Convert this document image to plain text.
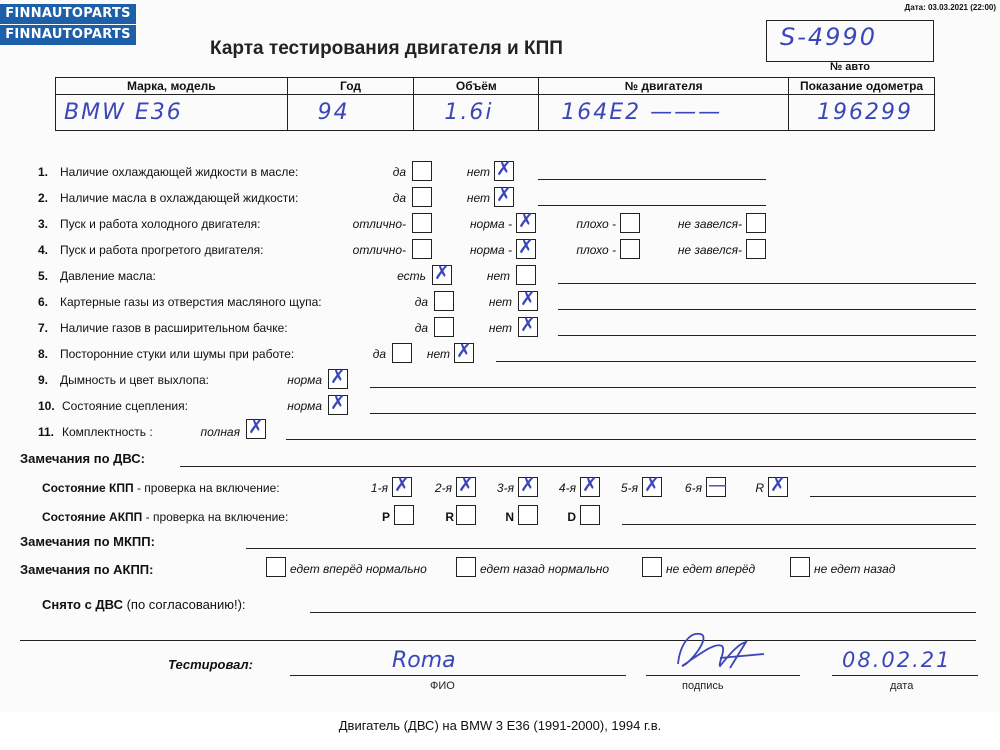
FINNAUTOPARTS
FINNAUTOPARTS
Дата: 03.03.2021 (22:00)
Карта тестирования двигателя и КПП	S-4990
№ авто
Марка, модель	Год	Объём	№ двигателя	Показание одометра
BMW E36	94	1.6i	164E2 ———	196299
1. Наличие охлаждающей жидкости в масле:	да	нет ✗
2. Наличие масла в охлаждающей жидкости:	да	нет ✗
3. Пуск и работа холодного двигателя:	отлично-	норма - ✗	плохо -	не завелся-
4. Пуск и работа прогретого двигателя:	отлично-	норма - ✗	плохо -	не завелся-
5. Давление масла:	есть ✗	нет
6. Картерные газы из отверстия масляного щупа:	да	нет ✗
7. Наличие газов в расширительном бачке:	да	нет ✗
8. Посторонние стуки или шумы при работе:	да	нет ✗
9. Дымность и цвет выхлопа:	норма ✗
10. Состояние сцепления:	норма ✗
11. Комплектность :	полная ✗
Замечания по ДВС:
Состояние КПП - проверка на включение:	1-я ✗	2-я ✗	3-я ✗	4-я ✗	5-я ✗	6-я —	R ✗
Состояние АКПП - проверка на включение:	P	R	N	D
Замечания по МКПП:
Замечания по АКПП:	едет вперёд нормально	едет назад нормально	не едет вперёд	не едет назад
Снято с ДВС (по согласованию!):
Тестировал:	Roma
ФИО	подпись
08.02.21
дата
Двигатель (ДВС) на BMW 3 E36 (1991-2000), 1994 г.в.
